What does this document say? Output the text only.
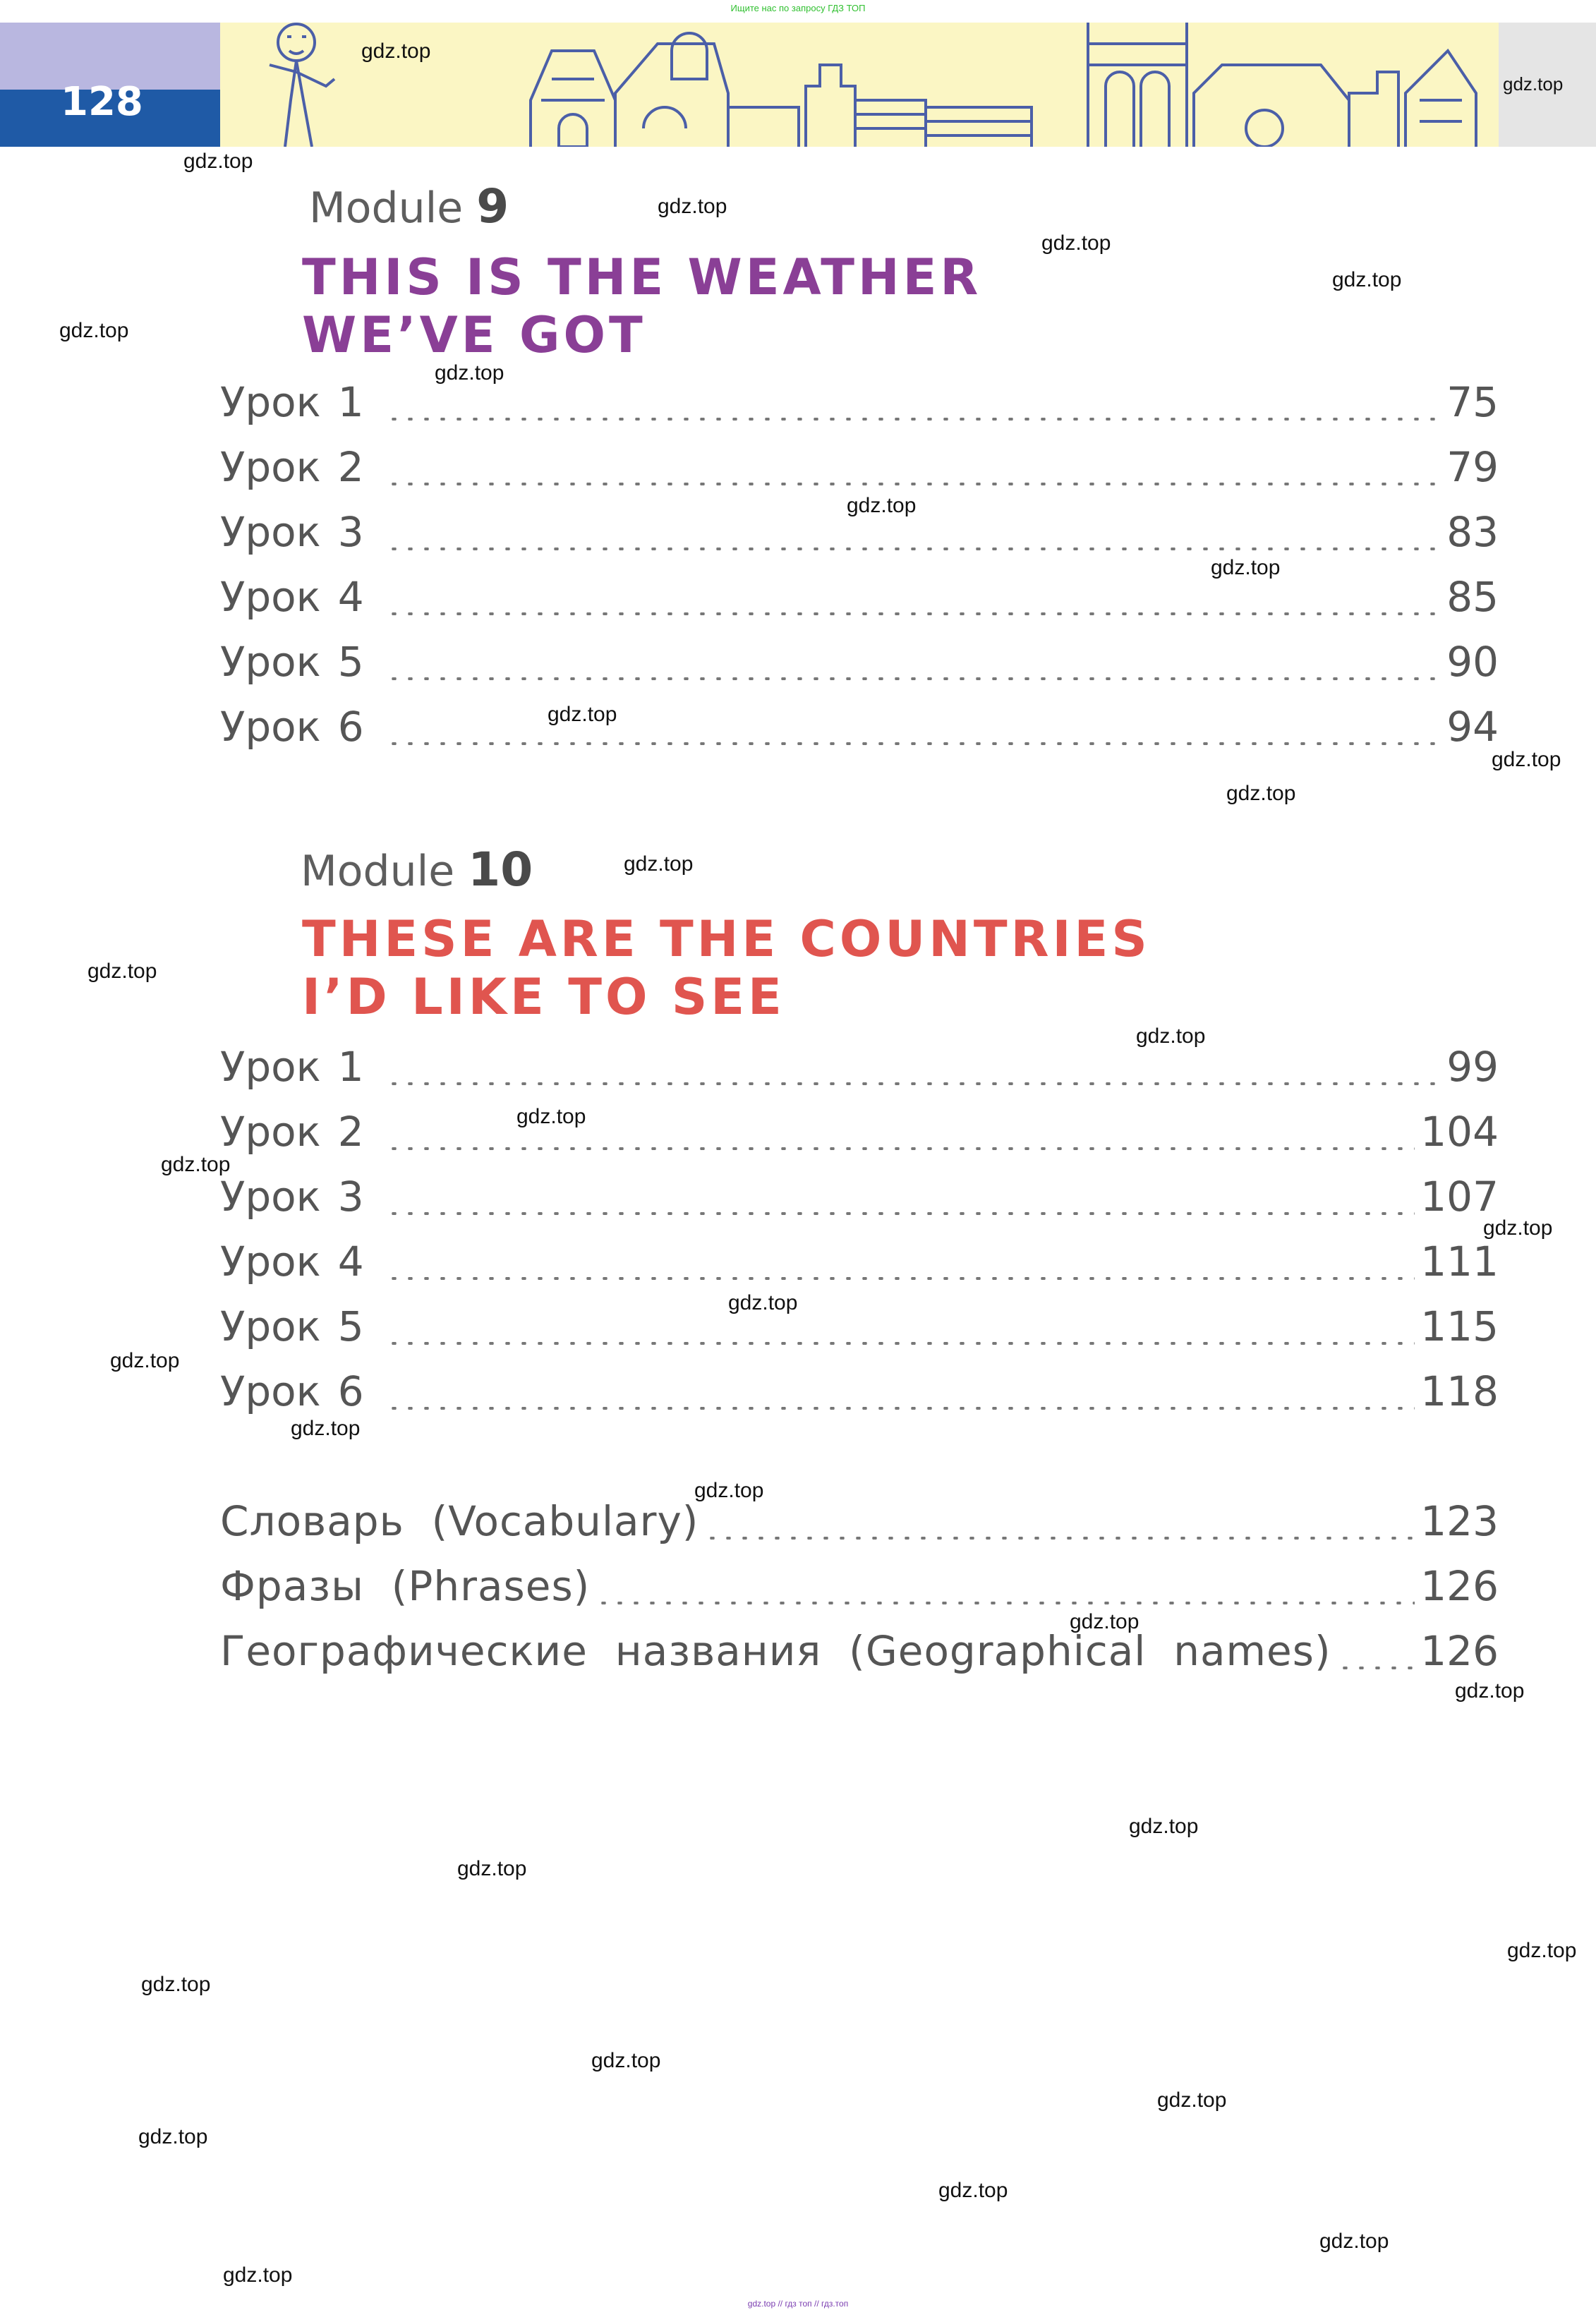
Ищите нас по запросу ГДЗ ТОП
128
Module 9
THIS IS THE WEATHER
WE’VE GOT
Урок 1	75
Урок 2	79
Урок 3	83
Урок 4	85
Урок 5	90
Урок 6	94
Module 10
THESE ARE THE COUNTRIES
I’D LIKE TO SEE
Урок 1	99
Урок 2	104
Урок 3	107
Урок 4	111
Урок 5	115
Урок 6	118
Словарь  (Vocabulary)	123
Фразы  (Phrases)	126
Географические  названия  (Geographical  names) 126
gdz.top
gdz.top
gdz.top
gdz.top
gdz.top
gdz.top
gdz.top
gdz.top
gdz.top
gdz.top
gdz.top
gdz.top
gdz.top
gdz.top
gdz.top
gdz.top
gdz.top
gdz.top
gdz.top
gdz.top
gdz.top
gdz.top
gdz.top
gdz.top
gdz.top
gdz.top
gdz.top
gdz.top
gdz.top
gdz.top
gdz.top
gdz.top
gdz.top
gdz.top
gdz.top
gdz.top // гдз топ // гдз.топ
